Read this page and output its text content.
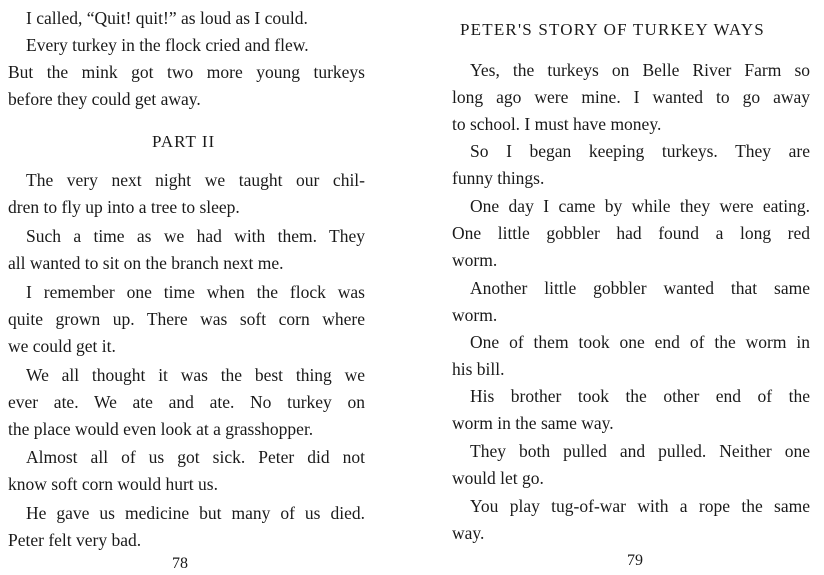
I called, “Quit! quit!” as loud as I could.
Every turkey in the flock cried and flew.
But the mink got two more young turkeys
before they could get away.
PART II
The very next night we taught our chil-
dren to fly up into a tree to sleep.
Such a time as we had with them. They
all wanted to sit on the branch next me.
I remember one time when the flock was
quite grown up. There was soft corn where
we could get it.
We all thought it was the best thing we
ever ate. We ate and ate. No turkey on
the place would even look at a grasshopper.
Almost all of us got sick. Peter did not
know soft corn would hurt us.
He gave us medicine but many of us died.
Peter felt very bad.
78
PETER'S STORY OF TURKEY WAYS
Yes, the turkeys on Belle River Farm so
long ago were mine. I wanted to go away
to school. I must have money.
So I began keeping turkeys. They are
funny things.
One day I came by while they were eating.
One little gobbler had found a long red
worm.
Another little gobbler wanted that same
worm.
One of them took one end of the worm in
his bill.
His brother took the other end of the
worm in the same way.
They both pulled and pulled. Neither one
would let go.
You play tug-of-war with a rope the same
way.
79
